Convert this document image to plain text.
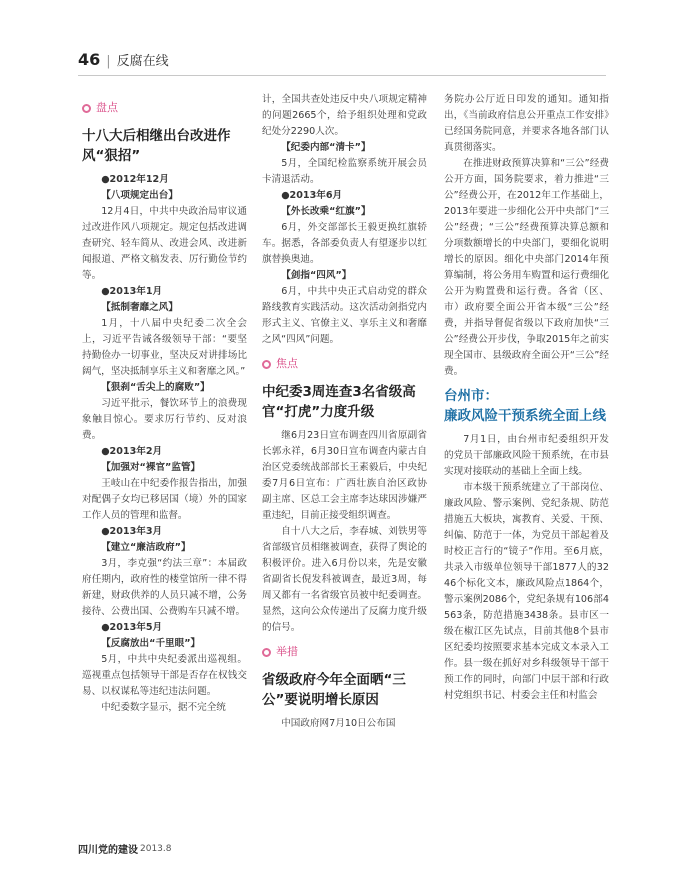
46 | 反腐在线
盘点
十八大后相继出台改进作风“狠招”

●2012年12月

【八项规定出台】

12月4日，中共中央政治局审议通过改进作风八项规定。规定包括改进调查研究、轻车简从、改进会风、改进新闻报道、严格文稿发表、厉行勤俭节约等。

●2013年1月

【抵制奢靡之风】

1月，十八届中央纪委二次全会上，习近平告诫各级领导干部：“要坚持勤俭办一切事业，坚决反对讲排场比阔气，坚决抵制享乐主义和奢靡之风。”

【狠刹“舌尖上的腐败”】

习近平批示，餐饮环节上的浪费现象触目惊心。要求厉行节约、反对浪费。

●2013年2月

【加强对“裸官”监管】

王岐山在中纪委作报告指出，加强对配偶子女均已移居国（境）外的国家工作人员的管理和监督。

●2013年3月

【建立“廉洁政府”】

3月，李克强“约法三章”：本届政府任期内，政府性的楼堂馆所一律不得新建，财政供养的人员只减不增，公务接待、公费出国、公费购车只减不增。

●2013年5月

【反腐放出“千里眼”】

5月，中共中央纪委派出巡视组。巡视重点包括领导干部是否存在权钱交易、以权谋私等违纪违法问题。

中纪委数字显示，据不完全统

计，全国共查处违反中央八项规定精神的问题2665个，给予组织处理和党政纪处分2290人次。

【纪委内部“清卡”】

5月，全国纪检监察系统开展会员卡清退活动。

●2013年6月

【外长改乘“红旗”】

6月，外交部部长王毅更换红旗轿车。据悉，各部委负责人有望逐步以红旗替换奥迪。

【剑指“四风”】

6月，中共中央正式启动党的群众路线教育实践活动。这次活动剑指党内形式主义、官僚主义、享乐主义和奢靡之风“四风”问题。

焦点
中纪委3周连查3名省级高官“打虎”力度升级

继6月23日宣布调查四川省原副省长郭永祥，6月30日宣布调查内蒙古自治区党委统战部部长王素毅后，中央纪委7月6日宣布：广西壮族自治区政协副主席、区总工会主席李达球因涉嫌严重违纪，目前正接受组织调查。

自十八大之后，李春城、刘铁男等省部级官员相继被调查，获得了舆论的积极评价。进入6月份以来，先是安徽省副省长倪发科被调查，最近3周，每周又都有一名省级官员被中纪委调查。显然，这向公众传递出了反腐力度升级的信号。

举措
省级政府今年全面晒“三公”要说明增长原因

中国政府网7月10日公布国

务院办公厅近日印发的通知。通知指出，《当前政府信息公开重点工作安排》已经国务院同意，并要求各地各部门认真贯彻落实。

在推进财政预算决算和“三公”经费公开方面，国务院要求，着力推进“三公”经费公开，在2012年工作基础上，2013年要进一步细化公开中央部门“三公”经费；“三公”经费预算决算总额和分项数额增长的中央部门，要细化说明增长的原因。细化中央部门2014年预算编制，将公务用车购置和运行费细化公开为购置费和运行费。各省（区、市）政府要全面公开省本级“三公”经费，并指导督促省级以下政府加快“三公”经费公开步伐，争取2015年之前实现全国市、县级政府全面公开“三公”经费。

台州市：
廉政风险干预系统全面上线

7月1日，由台州市纪委组织开发的党员干部廉政风险干预系统，在市县实现对接联动的基础上全面上线。

市本级干预系统建立了干部岗位、廉政风险、警示案例、党纪条规、防范措施五大板块，寓教育、关爱、干预、纠偏、防范于一体，为党员干部起着及时校正言行的“镜子”作用。至6月底，共录入市级单位领导干部1877人的3246个标化文本，廉政风险点1864个，警示案例2086个，党纪条规有106部4563条，防范措施3438条。县市区一级在椒江区先试点，目前其他8个县市区纪委均按照要求基本完成文本录入工作。县一级在抓好对乡科级领导干部干预工作的同时，向部门中层干部和行政村党组织书记、村委会主任和村监会

四川党的建设 2013.8
